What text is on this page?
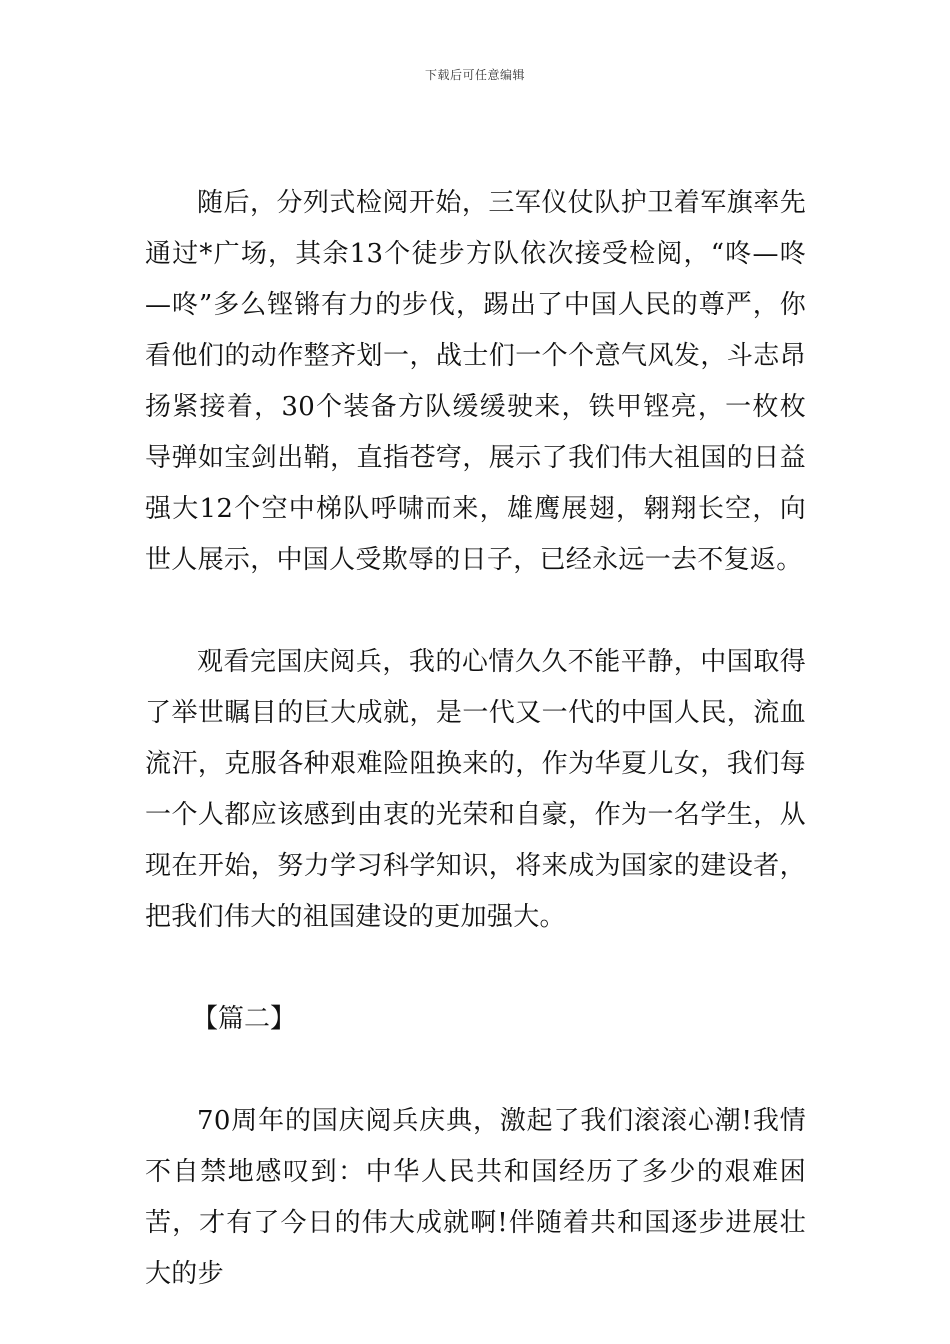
下载后可任意编辑

随后，分列式检阅开始，三军仪仗队护卫着军旗率先通过*广场，其余13个徒步方队依次接受检阅，“咚—咚—咚”多么铿锵有力的步伐，踢出了中国人民的尊严，你看他们的动作整齐划一，战士们一个个意气风发，斗志昂扬紧接着，30个装备方队缓缓驶来，铁甲铿亮，一枚枚导弹如宝剑出鞘，直指苍穹，展示了我们伟大祖国的日益强大12个空中梯队呼啸而来，雄鹰展翅，翱翔长空，向世人展示，中国人受欺辱的日子，已经永远一去不复返。

观看完国庆阅兵，我的心情久久不能平静，中国取得了举世瞩目的巨大成就，是一代又一代的中国人民，流血流汗，克服各种艰难险阻换来的，作为华夏儿女，我们每一个人都应该感到由衷的光荣和自豪，作为一名学生，从现在开始，努力学习科学知识，将来成为国家的建设者，把我们伟大的祖国建设的更加强大。

【篇二】

70周年的国庆阅兵庆典，激起了我们滚滚心潮!我情不自禁地感叹到：中华人民共和国经历了多少的艰难困苦，才有了今日的伟大成就啊!伴随着共和国逐步进展壮大的步
